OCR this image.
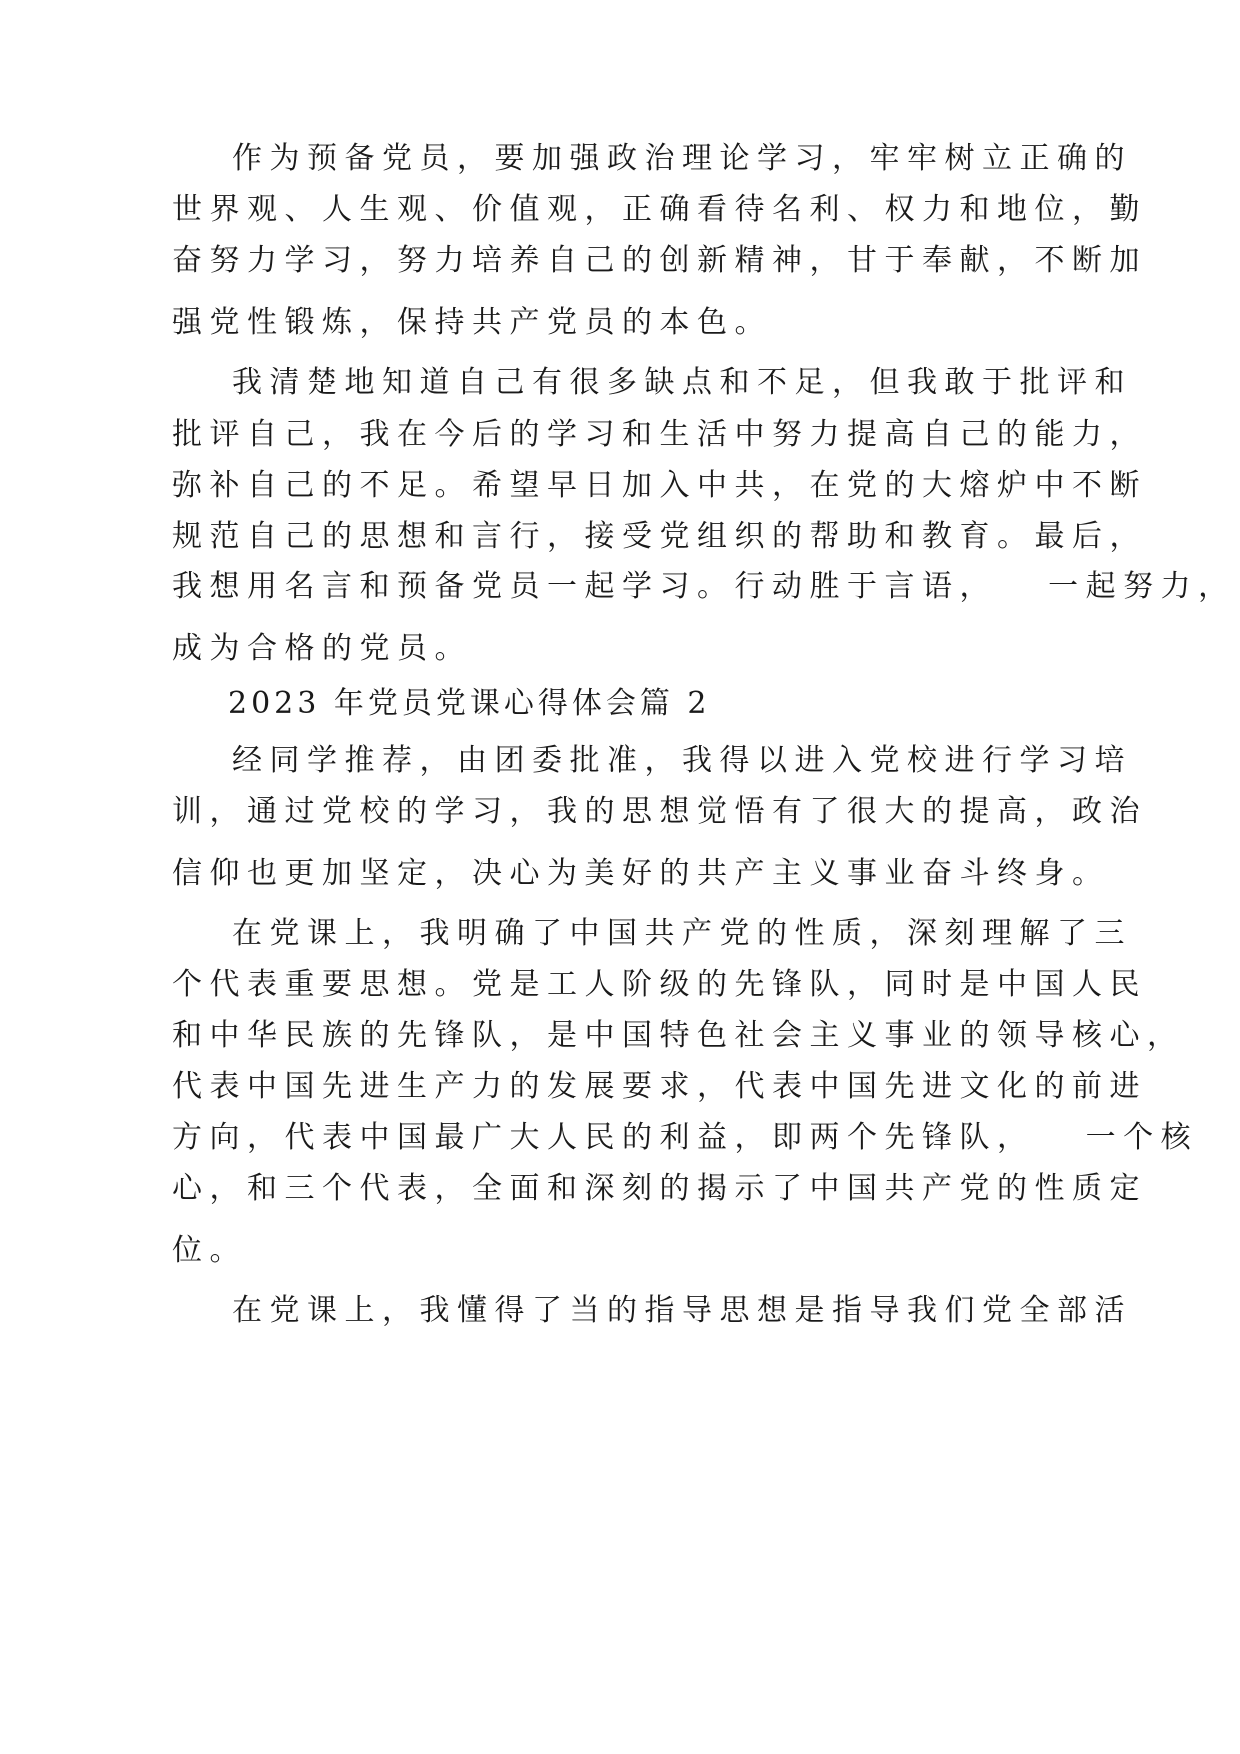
作为预备党员，要加强政治理论学习，牢牢树立正确的

世界观、人生观、价值观，正确看待名利、权力和地位，勤

奋努力学习，努力培养自己的创新精神，甘于奉献，不断加

强党性锻炼，保持共产党员的本色。

我清楚地知道自己有很多缺点和不足，但我敢于批评和

批评自己，我在今后的学习和生活中努力提高自己的能力，

弥补自己的不足。希望早日加入中共，在党的大熔炉中不断

规范自己的思想和言行，接受党组织的帮助和教育。最后，

我想用名言和预备党员一起学习。行动胜于言语，   一起努力，

成为合格的党员。

2023 年党员党课心得体会篇 2

经同学推荐，由团委批准，我得以进入党校进行学习培

训，通过党校的学习，我的思想觉悟有了很大的提高，政治

信仰也更加坚定，决心为美好的共产主义事业奋斗终身。

在党课上，我明确了中国共产党的性质，深刻理解了三

个代表重要思想。党是工人阶级的先锋队，同时是中国人民

和中华民族的先锋队，是中国特色社会主义事业的领导核心，

代表中国先进生产力的发展要求，代表中国先进文化的前进

方向，代表中国最广大人民的利益，即两个先锋队，   一个核

心，和三个代表，全面和深刻的揭示了中国共产党的性质定

位。

在党课上，我懂得了当的指导思想是指导我们党全部活
